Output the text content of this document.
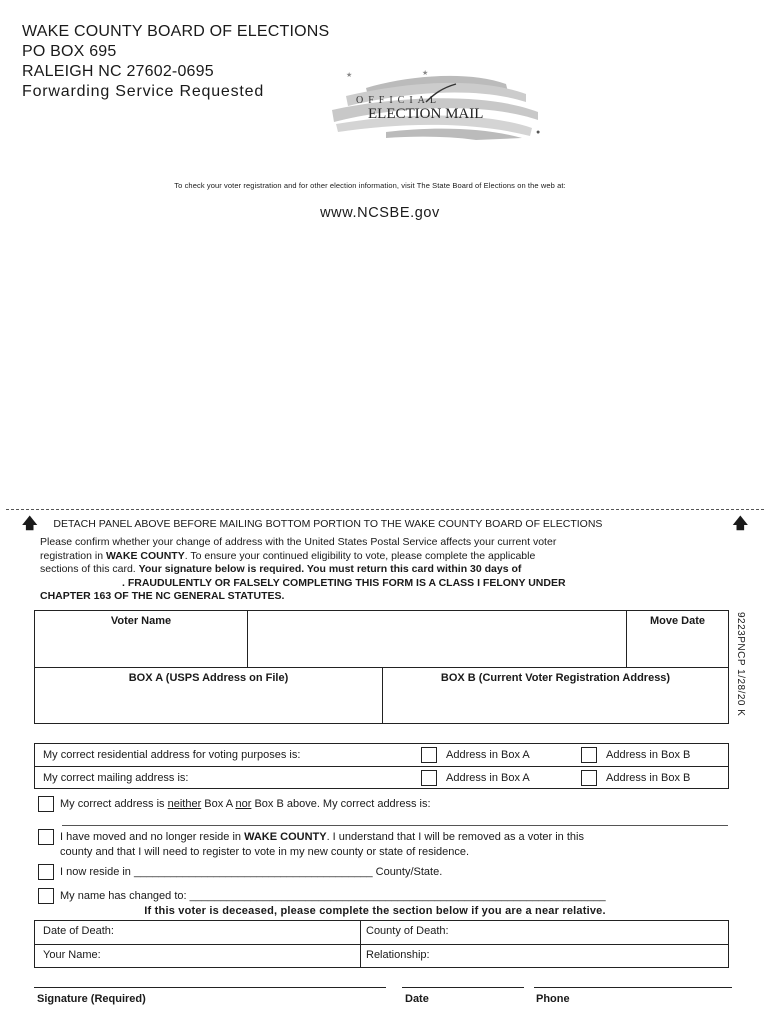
WAKE COUNTY BOARD OF ELECTIONS
PO BOX 695
RALEIGH NC 27602-0695
Forwarding Service Requested
★	★
●
OFFICIAL
ELECTION MAIL
To check your voter registration and for other election information, visit The State Board of Elections on the web at:
www.NCSBE.gov
🡅	DETACH PANEL ABOVE BEFORE MAILING BOTTOM PORTION TO THE WAKE COUNTY BOARD OF ELECTIONS	🡅

Please confirm whether your change of address with the United States Postal Service affects your current voter

registration in WAKE COUNTY. To ensure your continued eligibility to vote, please complete the applicable

sections of this card. Your signature below is required. You must return this card within 30 days of

. FRAUDULENTLY OR FALSELY COMPLETING THIS FORM IS A CLASS I FELONY UNDER

CHAPTER 163 OF THE NC GENERAL STATUTES.

9223PNCP 1/28/20 K
Voter Name	Move Date
BOX A (USPS Address on File)	BOX B (Current Voter Registration Address)
My correct residential address for voting purposes is:	Address in Box A	Address in Box B
My correct mailing address is:	Address in Box A	Address in Box B
My correct address is neither Box A nor Box B above. My correct address is:
I have moved and no longer reside in WAKE COUNTY. I understand that I will be removed as a voter in this
county and that I will need to register to vote in my new county or state of residence.
I now reside in _______________________________________ County/State.
My name has changed to: ____________________________________________________________________
If this voter is deceased, please complete the section below if you are a near relative.
Date of Death:	County of Death:
Your Name:	Relationship:
Signature (Required)	Date	Phone
